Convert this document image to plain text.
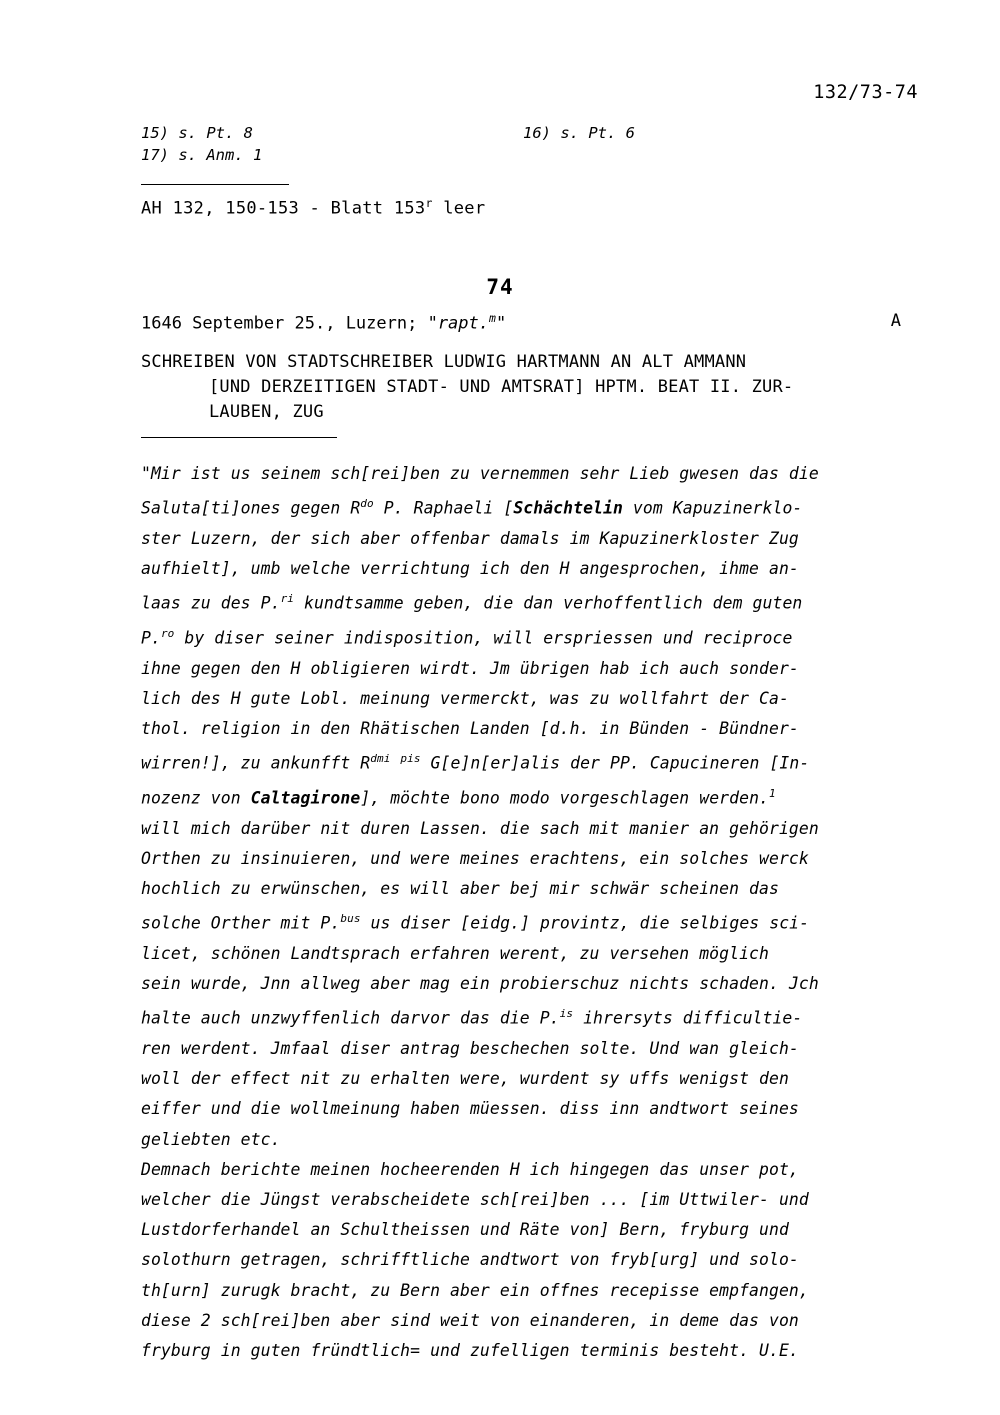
132/73-74
15) s. Pt. 8	16) s. Pt. 6
17) s. Anm. 1
AH 132, 150-153 - Blatt 153$^r$ leer
74
1646 September 25., Luzern; "rapt.$^m$"	A
SCHREIBEN VON STADTSCHREIBER LUDWIG HARTMANN AN ALT AMMANN
[UND DERZEITIGEN STADT- UND AMTSRAT] HPTM. BEAT II. ZUR-
LAUBEN, ZUG

"Mir ist us seinem sch[rei]ben zu vernemmen sehr Lieb gwesen das die

Saluta[ti]ones gegen $R^{do}$ P. Raphaeli [Schächtelin vom Kapuzinerklo-

ster Luzern, der sich aber offenbar damals im Kapuzinerkloster Zug

aufhielt], umb welche verrichtung ich den H angesprochen, ihme an-

laas zu des P.$^{ri}$ kundtsamme geben, die dan verhoffentlich dem guten

P.$^{ro}$ by diser seiner indisposition, will erspriessen und reciproce

ihne gegen den H obligieren wirdt. Jm übrigen hab ich auch sonder-

lich des H gute Lobl. meinung vermerckt, was zu wollfahrt der Ca-

thol. religion in den Rhätischen Landen [d.h. in Bünden - Bündner-

wirren!], zu ankunfft $R^{dmi}$ $^{pis}$ G[e]n[er]alis der PP. Capucineren [In-

nozenz von Caltagirone], möchte bono modo vorgeschlagen werden.$^1$

will mich darüber nit duren Lassen. die sach mit manier an gehörigen

Orthen zu insinuieren, und were meines erachtens, ein solches werck

hochlich zu erwünschen, es will aber bej mir schwär scheinen das

solche Orther mit P.$^{bus}$ us diser [eidg.] provintz, die selbiges sci-

licet, schönen Landtsprach erfahren werent, zu versehen möglich

sein wurde, Jnn allweg aber mag ein probierschuz nichts schaden. Jch

halte auch unzwyffenlich darvor das die P.$^{is}$ ihrersyts difficultie-

ren werdent. Jmfaal diser antrag beschechen solte. Und wan gleich-

woll der effect nit zu erhalten were, wurdent sy uffs wenigst den

eiffer und die wollmeinung haben müessen. diss inn andtwort seines

geliebten etc.

Demnach berichte meinen hocheerenden H ich hingegen das unser pot,

welcher die Jüngst verabscheidete sch[rei]ben ... [im Uttwiler- und

Lustdorferhandel an Schultheissen und Räte von] Bern, fryburg und

solothurn getragen, schrifftliche andtwort von fryb[urg] und solo-

th[urn] zurugk bracht, zu Bern aber ein offnes recepisse empfangen,

diese 2 sch[rei]ben aber sind weit von einanderen, in deme das von

fryburg in guten fründtlich= und zufelligen terminis besteht. U.E.
